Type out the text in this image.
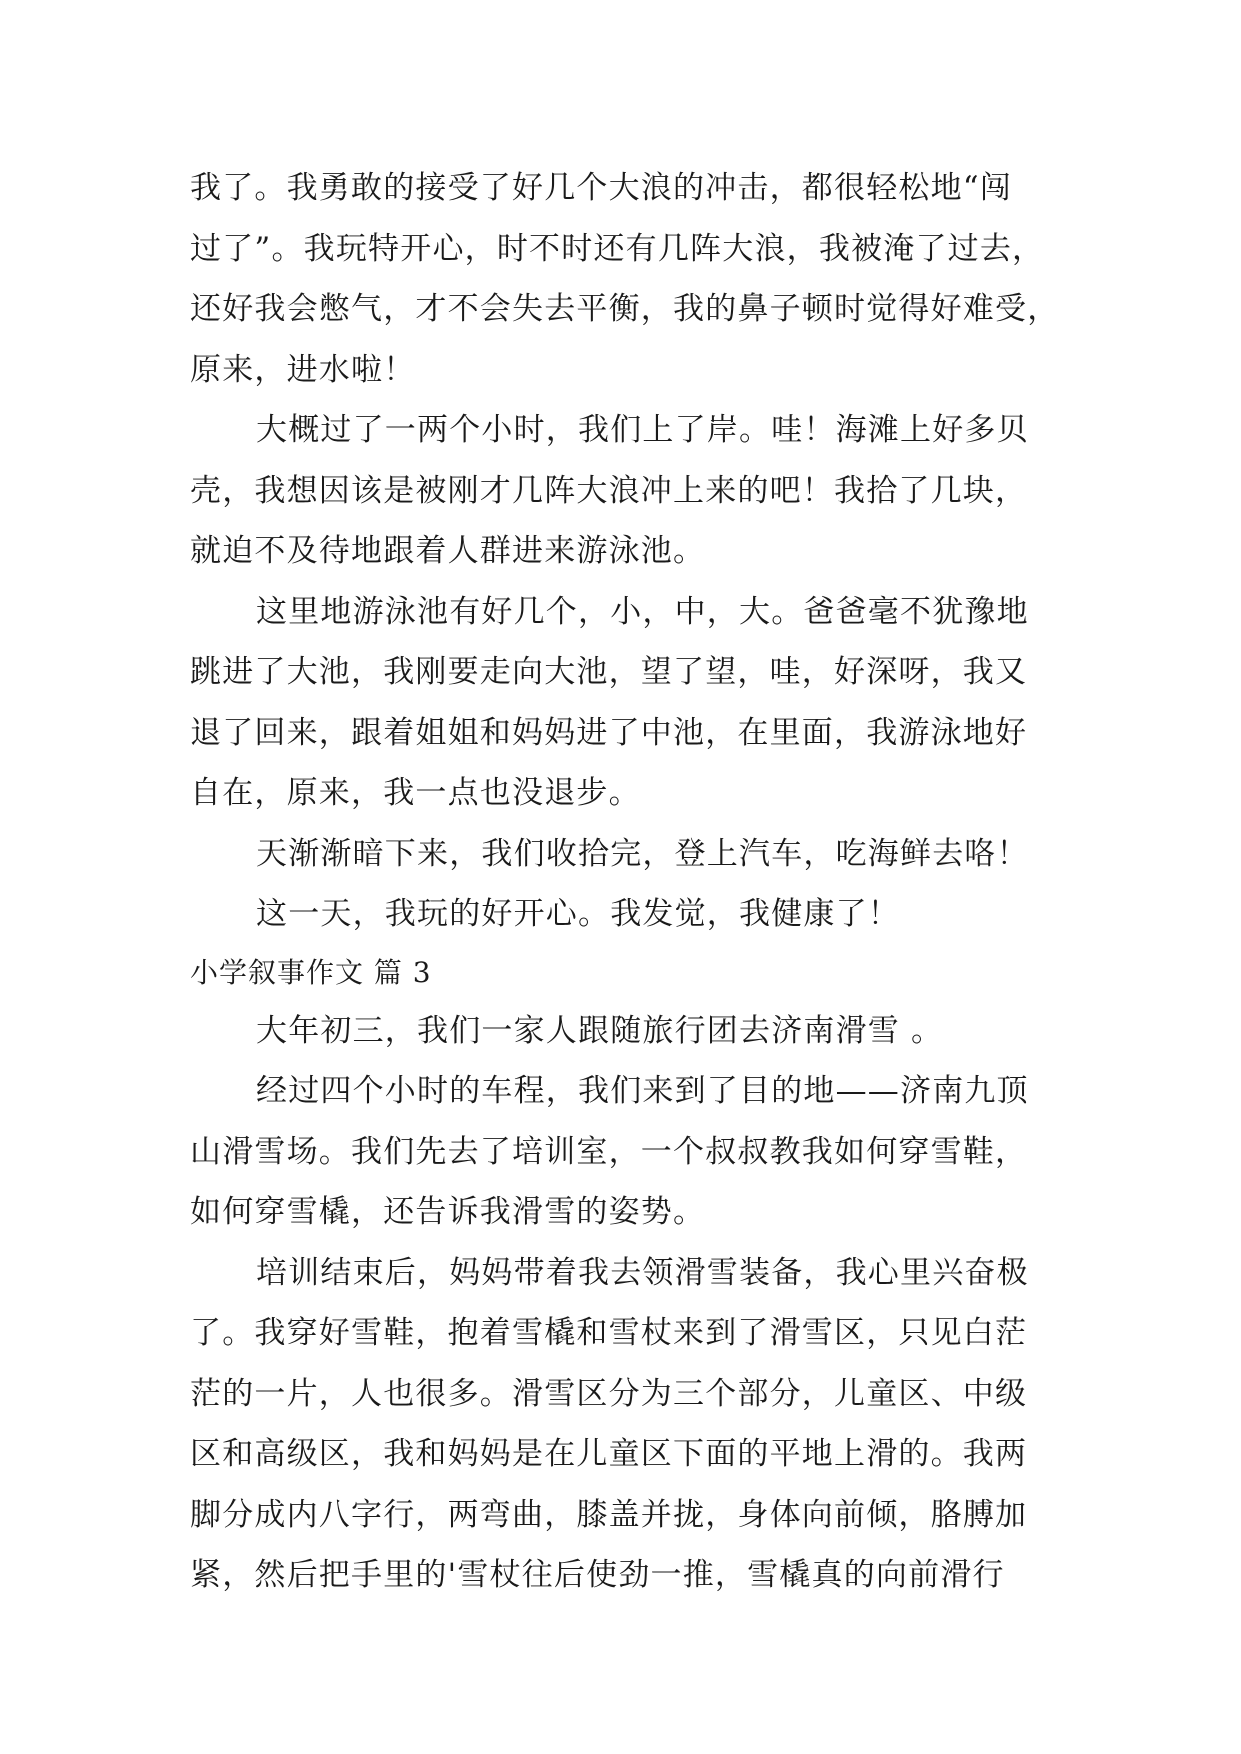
我了。我勇敢的接受了好几个大浪的冲击，都很轻松地“闯
过了”。我玩特开心，时不时还有几阵大浪，我被淹了过去，
还好我会憋气，才不会失去平衡，我的鼻子顿时觉得好难受，
原来，进水啦！
大概过了一两个小时，我们上了岸。哇！海滩上好多贝
壳，我想因该是被刚才几阵大浪冲上来的吧！我拾了几块，
就迫不及待地跟着人群进来游泳池。
这里地游泳池有好几个，小，中，大。爸爸毫不犹豫地
跳进了大池，我刚要走向大池，望了望，哇，好深呀，我又
退了回来，跟着姐姐和妈妈进了中池，在里面，我游泳地好
自在，原来，我一点也没退步。
天渐渐暗下来，我们收拾完，登上汽车，吃海鲜去咯！
这一天，我玩的好开心。我发觉，我健康了！
小学叙事作文 篇 3
大年初三，我们一家人跟随旅行团去济南滑雪 。
经过四个小时的车程，我们来到了目的地——济南九顶
山滑雪场。我们先去了培训室，一个叔叔教我如何穿雪鞋，
如何穿雪橇，还告诉我滑雪的姿势。
培训结束后，妈妈带着我去领滑雪装备，我心里兴奋极
了。我穿好雪鞋，抱着雪橇和雪杖来到了滑雪区，只见白茫
茫的一片，人也很多。滑雪区分为三个部分，儿童区、中级
区和高级区，我和妈妈是在儿童区下面的平地上滑的。我两
脚分成内八字行，两弯曲，膝盖并拢，身体向前倾，胳膊加
紧，然后把手里的'雪杖往后使劲一推，雪橇真的向前滑行
